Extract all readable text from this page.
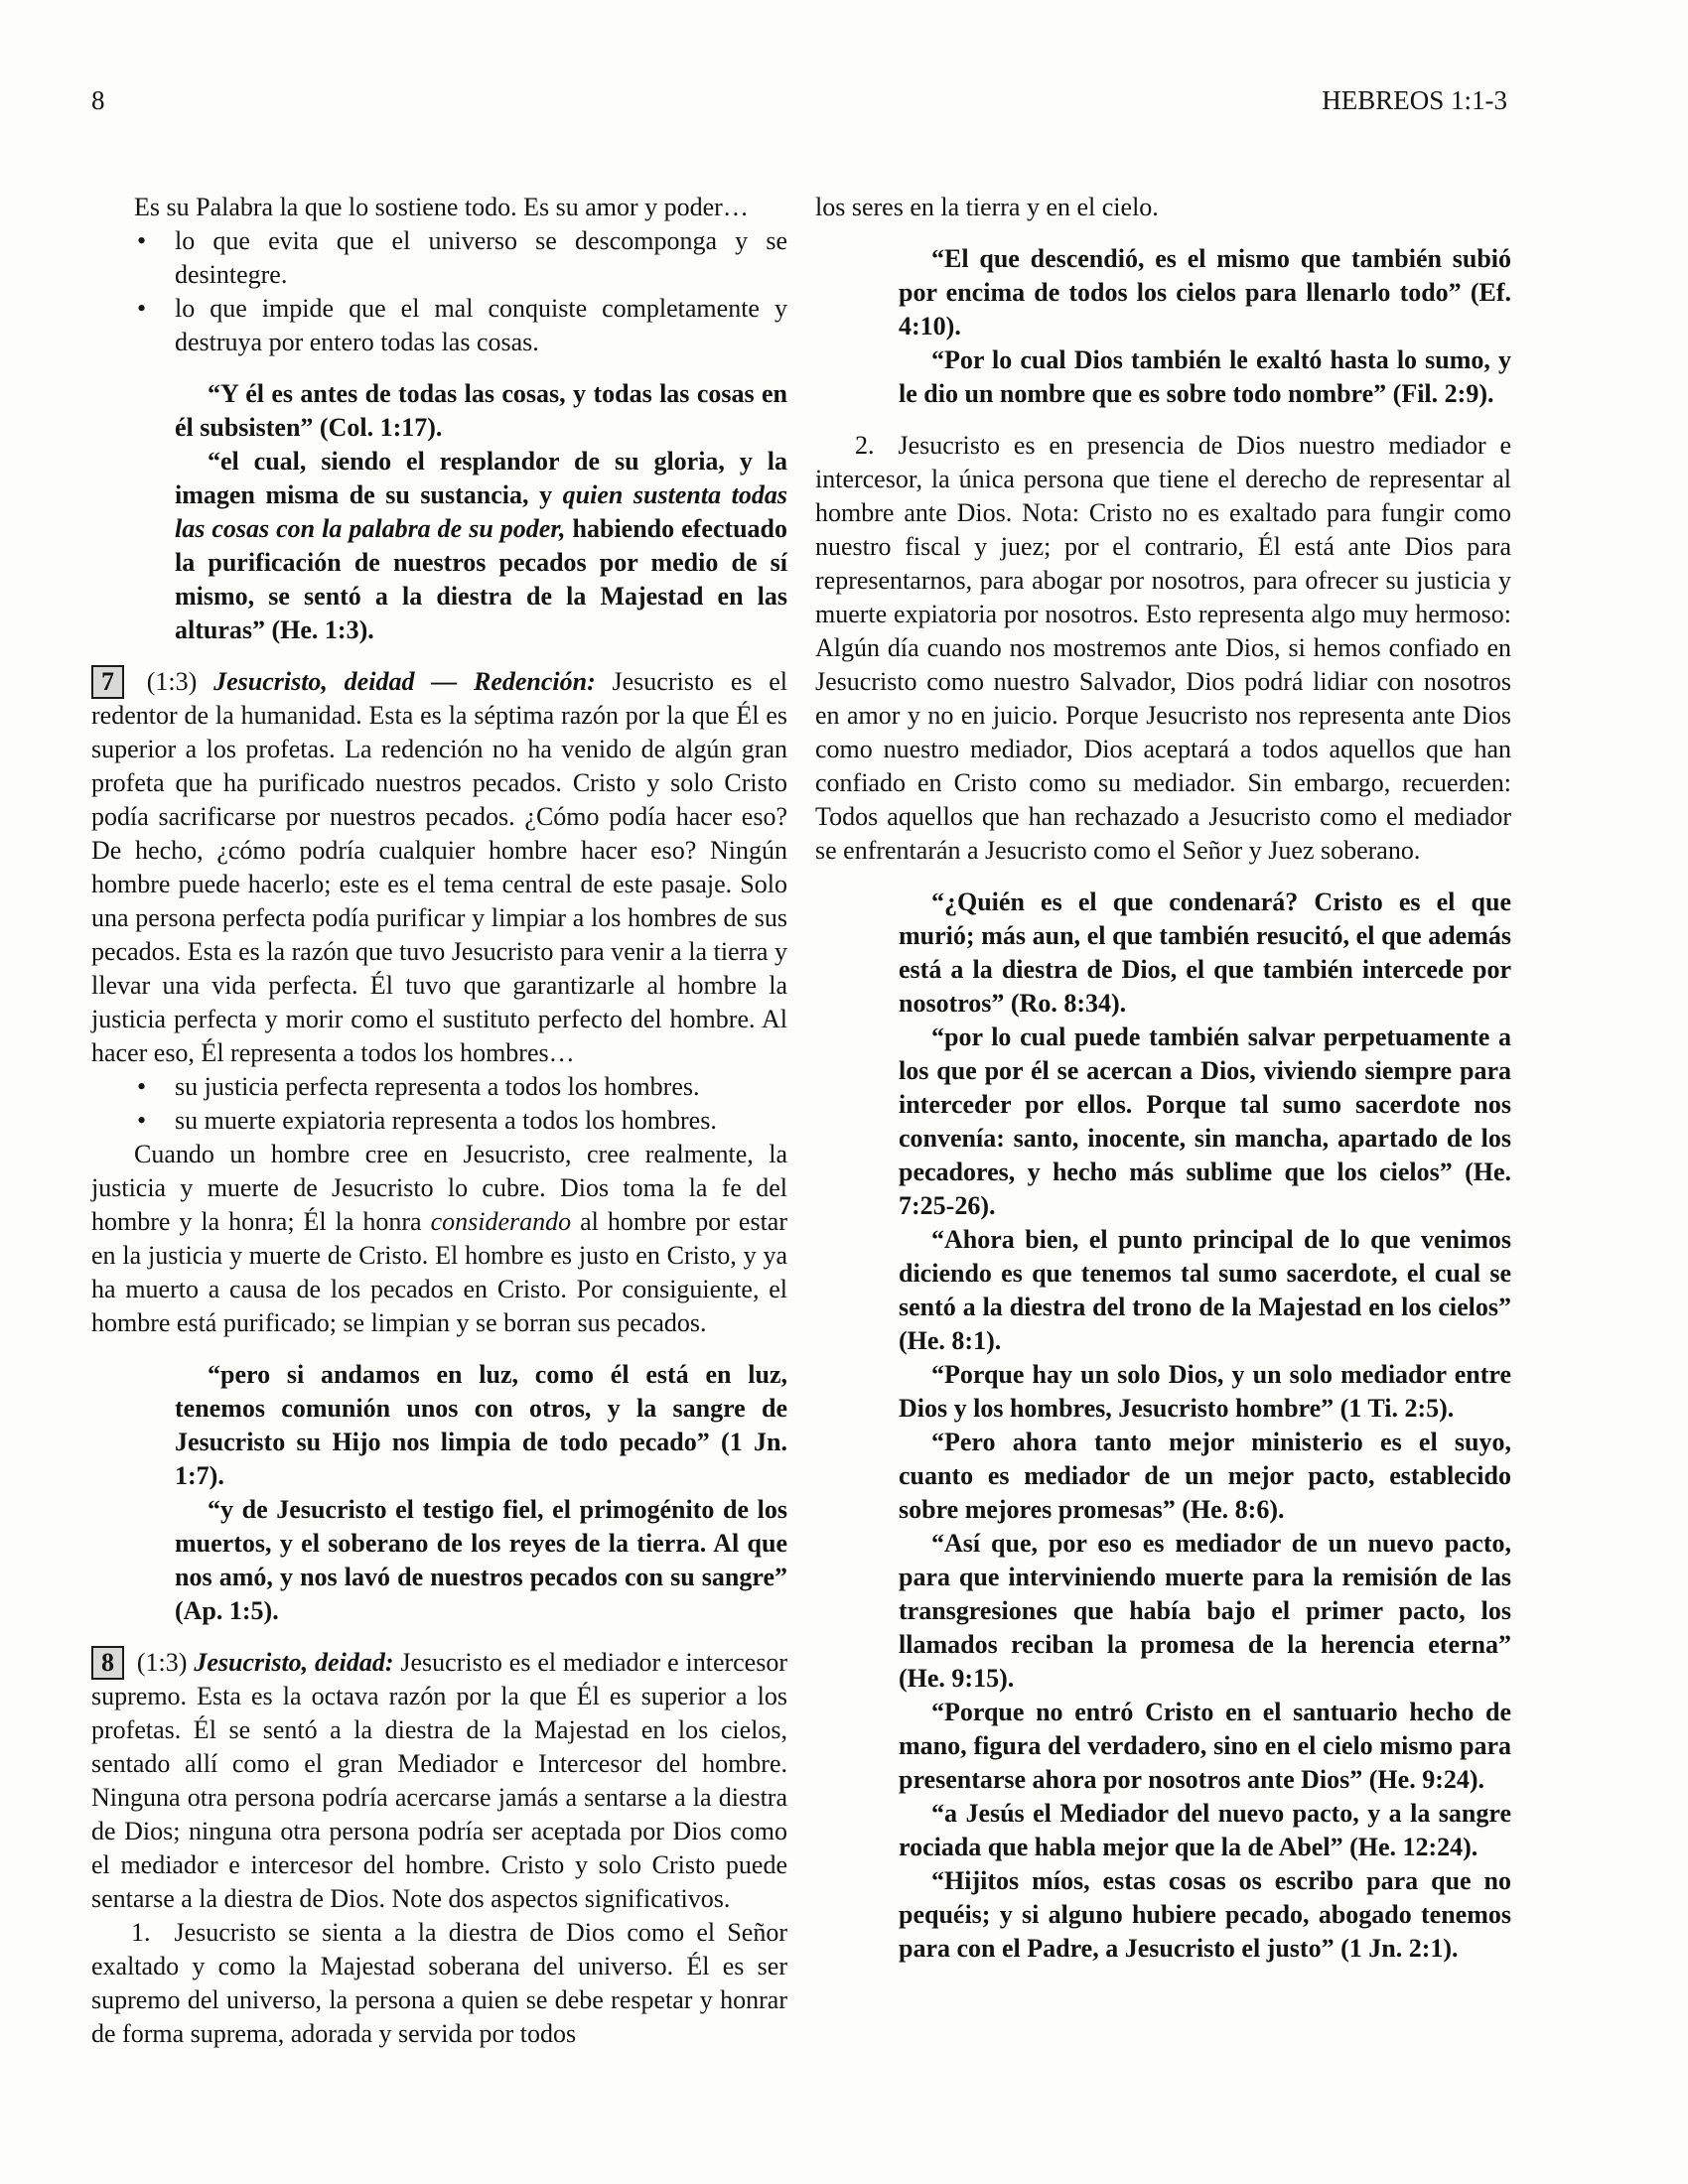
8	HEBREOS 1:1-3

Es su Palabra la que lo sostiene todo. Es su amor y poder…

• lo que evita que el universo se descomponga y se desintegre.

• lo que impide que el mal conquiste completamente y destruya por entero todas las cosas.

“Y él es antes de todas las cosas, y todas las cosas en él subsisten” (Col. 1:17).

“el cual, siendo el resplandor de su gloria, y la imagen misma de su sustancia, y quien sustenta todas las cosas con la palabra de su poder, habiendo efectuado la purificación de nuestros pecados por medio de sí mismo, se sentó a la diestra de la Majestad en las alturas” (He. 1:3).

7 (1:3) Jesucristo, deidad — Redención: Jesucristo es el redentor de la humanidad. Esta es la séptima razón por la que Él es superior a los profetas. La redención no ha venido de algún gran profeta que ha purificado nuestros pecados. Cristo y solo Cristo podía sacrificarse por nuestros pecados. ¿Cómo podía hacer eso? De hecho, ¿cómo podría cualquier hombre hacer eso? Ningún hombre puede hacerlo; este es el tema central de este pasaje. Solo una persona perfecta podía purificar y limpiar a los hombres de sus pecados. Esta es la razón que tuvo Jesucristo para venir a la tierra y llevar una vida perfecta. Él tuvo que garantizarle al hombre la justicia perfecta y morir como el sustituto perfecto del hombre. Al hacer eso, Él representa a todos los hombres…

• su justicia perfecta representa a todos los hombres.

• su muerte expiatoria representa a todos los hombres.

Cuando un hombre cree en Jesucristo, cree realmente, la justicia y muerte de Jesucristo lo cubre. Dios toma la fe del hombre y la honra; Él la honra considerando al hombre por estar en la justicia y muerte de Cristo. El hombre es justo en Cristo, y ya ha muerto a causa de los pecados en Cristo. Por consiguiente, el hombre está purificado; se limpian y se borran sus pecados.

“pero si andamos en luz, como él está en luz, tenemos comunión unos con otros, y la sangre de Jesucristo su Hijo nos limpia de todo pecado” (1 Jn. 1:7).

“y de Jesucristo el testigo fiel, el primogénito de los muertos, y el soberano de los reyes de la tierra. Al que nos amó, y nos lavó de nuestros pecados con su sangre” (Ap. 1:5).

8 (1:3) Jesucristo, deidad: Jesucristo es el mediador e intercesor supremo. Esta es la octava razón por la que Él es superior a los profetas. Él se sentó a la diestra de la Majestad en los cielos, sentado allí como el gran Mediador e Intercesor del hombre. Ninguna otra persona podría acercarse jamás a sentarse a la diestra de Dios; ninguna otra persona podría ser aceptada por Dios como el mediador e intercesor del hombre. Cristo y solo Cristo puede sentarse a la diestra de Dios. Note dos aspectos significativos.

1. Jesucristo se sienta a la diestra de Dios como el Señor exaltado y como la Majestad soberana del universo. Él es ser supremo del universo, la persona a quien se debe respetar y honrar de forma suprema, adorada y servida por todos

los seres en la tierra y en el cielo.

“El que descendió, es el mismo que también subió por encima de todos los cielos para llenarlo todo” (Ef. 4:10).

“Por lo cual Dios también le exaltó hasta lo sumo, y le dio un nombre que es sobre todo nombre” (Fil. 2:9).

2. Jesucristo es en presencia de Dios nuestro mediador e intercesor, la única persona que tiene el derecho de representar al hombre ante Dios. Nota: Cristo no es exaltado para fungir como nuestro fiscal y juez; por el contrario, Él está ante Dios para representarnos, para abogar por nosotros, para ofrecer su justicia y muerte expiatoria por nosotros. Esto representa algo muy hermoso: Algún día cuando nos mostremos ante Dios, si hemos confiado en Jesucristo como nuestro Salvador, Dios podrá lidiar con nosotros en amor y no en juicio. Porque Jesucristo nos representa ante Dios como nuestro mediador, Dios aceptará a todos aquellos que han confiado en Cristo como su mediador. Sin embargo, recuerden: Todos aquellos que han rechazado a Jesucristo como el mediador se enfrentarán a Jesucristo como el Señor y Juez soberano.

“¿Quién es el que condenará? Cristo es el que murió; más aun, el que también resucitó, el que además está a la diestra de Dios, el que también intercede por nosotros” (Ro. 8:34).

“por lo cual puede también salvar perpetuamente a los que por él se acercan a Dios, viviendo siempre para interceder por ellos. Porque tal sumo sacerdote nos convenía: santo, inocente, sin mancha, apartado de los pecadores, y hecho más sublime que los cielos” (He. 7:25-26).

“Ahora bien, el punto principal de lo que venimos diciendo es que tenemos tal sumo sacerdote, el cual se sentó a la diestra del trono de la Majestad en los cielos” (He. 8:1).

“Porque hay un solo Dios, y un solo mediador entre Dios y los hombres, Jesucristo hombre” (1 Ti. 2:5).

“Pero ahora tanto mejor ministerio es el suyo, cuanto es mediador de un mejor pacto, establecido sobre mejores promesas” (He. 8:6).

“Así que, por eso es mediador de un nuevo pacto, para que interviniendo muerte para la remisión de las transgresiones que había bajo el primer pacto, los llamados reciban la promesa de la herencia eterna” (He. 9:15).

“Porque no entró Cristo en el santuario hecho de mano, figura del verdadero, sino en el cielo mismo para presentarse ahora por nosotros ante Dios” (He. 9:24).

“a Jesús el Mediador del nuevo pacto, y a la sangre rociada que habla mejor que la de Abel” (He. 12:24).

“Hijitos míos, estas cosas os escribo para que no pequéis; y si alguno hubiere pecado, abogado tenemos para con el Padre, a Jesucristo el justo” (1 Jn. 2:1).
